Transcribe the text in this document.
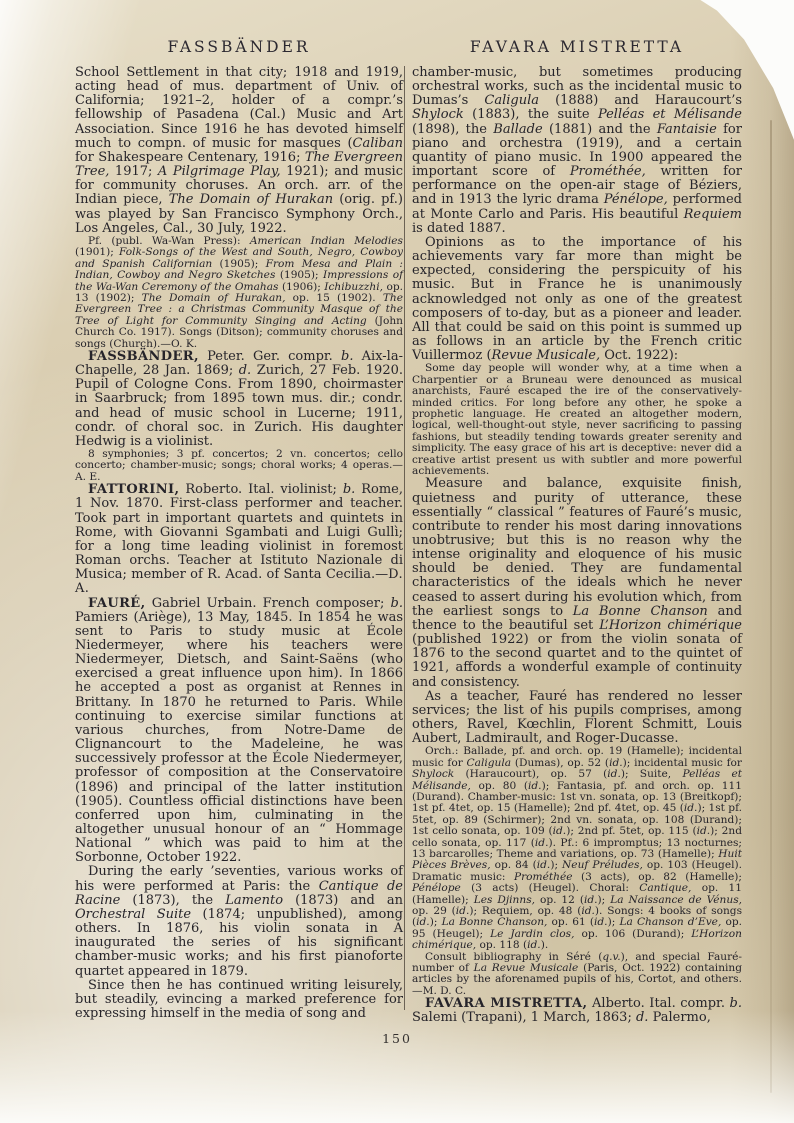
FASSBÄNDER	FAVARA MISTRETTA

School Settlement in that city; 1918 and 1919, acting head of mus. department of Univ. of California; 1921–2, holder of a compr.’s fellowship of Pasadena (Cal.) Music and Art Association. Since 1916 he has devoted himself much to compn. of music for masques (Caliban for Shakespeare Centenary, 1916; The Evergreen Tree, 1917; A Pilgrimage Play, 1921); and music for community choruses. An orch. arr. of the Indian piece, The Domain of Hurakan (orig. pf.) was played by San Francisco Symphony Orch., Los Angeles, Cal., 30 July, 1922.

Pf. (publ. Wa-Wan Press): American Indian Melodies (1901); Folk-Songs of the West and South, Negro, Cowboy and Spanish Californian (1905); From Mesa and Plain : Indian, Cowboy and Negro Sketches (1905); Impressions of the Wa-Wan Ceremony of the Omahas (1906); Ichibuzzhi, op. 13 (1902); The Domain of Hurakan, op. 15 (1902). The Evergreen Tree : a Christmas Community Masque of the Tree of Light for Community Singing and Acting (John Church Co. 1917). Songs (Ditson); community choruses and songs (Church).—O. K.

FASSBÄNDER, Peter. Ger. compr. b. Aix-la-Chapelle, 28 Jan. 1869; d. Zurich, 27 Feb. 1920. Pupil of Cologne Cons. From 1890, choirmaster in Saarbruck; from 1895 town mus. dir.; condr. and head of music school in Lucerne; 1911, condr. of choral soc. in Zurich. His daughter Hedwig is a violinist.

8 symphonies; 3 pf. concertos; 2 vn. concertos; cello concerto; chamber-music; songs; choral works; 4 operas.—A. E.

FATTORINI, Roberto. Ital. violinist; b. Rome, 1 Nov. 1870. First-class performer and teacher. Took part in important quartets and quintets in Rome, with Giovanni Sgambati and Luigi Gullì; for a long time leading violinist in foremost Roman orchs. Teacher at Istituto Nazionale di Musica; member of R. Acad. of Santa Cecilia.—D. A.

FAURÉ, Gabriel Urbain. French composer; b. Pamiers (Ariège), 13 May, 1845. In 1854 he was sent to Paris to study music at École Niedermeyer, where his teachers were Niedermeyer, Dietsch, and Saint-Saëns (who exercised a great influence upon him). In 1866 he accepted a post as organist at Rennes in Brittany. In 1870 he returned to Paris. While continuing to exercise similar functions at various churches, from Notre-Dame de Clignancourt to the Madeleine, he was successively professor at the École Niedermeyer, professor of composition at the Conservatoire (1896) and principal of the latter institution (1905). Countless official distinctions have been conferred upon him, culminating in the altogether unusual honour of an “ Hommage National ” which was paid to him at the Sorbonne, October 1922.

During the early ’seventies, various works of his were performed at Paris: the Cantique de Racine (1873), the Lamento (1873) and an Orchestral Suite (1874; unpublished), among others. In 1876, his violin sonata in A inaugurated the series of his significant chamber-music works; and his first pianoforte quartet appeared in 1879.

Since then he has continued writing leisurely, but steadily, evincing a marked preference for expressing himself in the media of song and

chamber-music, but sometimes producing orchestral works, such as the incidental music to Dumas’s Caligula (1888) and Haraucourt’s Shylock (1883), the suite Pelléas et Mélisande (1898), the Ballade (1881) and the Fantaisie for piano and orchestra (1919), and a certain quantity of piano music. In 1900 appeared the important score of Prométhée, written for performance on the open-air stage of Béziers, and in 1913 the lyric drama Pénélope, performed at Monte Carlo and Paris. His beautiful Requiem is dated 1887.

Opinions as to the importance of his achievements vary far more than might be expected, considering the perspicuity of his music. But in France he is unanimously acknowledged not only as one of the greatest composers of to-day, but as a pioneer and leader. All that could be said on this point is summed up as follows in an article by the French critic Vuillermoz (Revue Musicale, Oct. 1922):

Some day people will wonder why, at a time when a Charpentier or a Bruneau were denounced as musical anarchists, Fauré escaped the ire of the conservatively-minded critics. For long before any other, he spoke a prophetic language. He created an altogether modern, logical, well-thought-out style, never sacrificing to passing fashions, but steadily tending towards greater serenity and simplicity. The easy grace of his art is deceptive: never did a creative artist present us with subtler and more powerful achievements.

Measure and balance, exquisite finish, quietness and purity of utterance, these essentially “ classical ” features of Fauré’s music, contribute to render his most daring innovations unobtrusive; but this is no reason why the intense originality and eloquence of his music should be denied. They are fundamental characteristics of the ideals which he never ceased to assert during his evolution which, from the earliest songs to La Bonne Chanson and thence to the beautiful set L’Horizon chimérique (published 1922) or from the violin sonata of 1876 to the second quartet and to the quintet of 1921, affords a wonderful example of continuity and consistency.

As a teacher, Fauré has rendered no lesser services; the list of his pupils comprises, among others, Ravel, Kœchlin, Florent Schmitt, Louis Aubert, Ladmirault, and Roger-Ducasse.

Orch.: Ballade, pf. and orch. op. 19 (Hamelle); incidental music for Caligula (Dumas), op. 52 (id.); incidental music for Shylock (Haraucourt), op. 57 (id.); Suite, Pelléas et Mélisande, op. 80 (id.); Fantasia, pf. and orch. op. 111 (Durand). Chamber-music: 1st vn. sonata, op. 13 (Breitkopf); 1st pf. 4tet, op. 15 (Hamelle); 2nd pf. 4tet, op. 45 (id.); 1st pf. 5tet, op. 89 (Schirmer); 2nd vn. sonata, op. 108 (Durand); 1st cello sonata, op. 109 (id.); 2nd pf. 5tet, op. 115 (id.); 2nd cello sonata, op. 117 (id.). Pf.: 6 impromptus; 13 nocturnes; 13 barcarolles; Theme and variations, op. 73 (Hamelle); Huit Pièces Brèves, op. 84 (id.); Neuf Préludes, op. 103 (Heugel). Dramatic music: Prométhée (3 acts), op. 82 (Hamelle); Pénélope (3 acts) (Heugel). Choral: Cantique, op. 11 (Hamelle); Les Djinns, op. 12 (id.); La Naissance de Vénus, op. 29 (id.); Requiem, op. 48 (id.). Songs: 4 books of songs (id.); La Bonne Chanson, op. 61 (id.); La Chanson d’Eve, op. 95 (Heugel); Le Jardin clos, op. 106 (Durand); L’Horizon chimérique, op. 118 (id.).

Consult bibliography in Séré (q.v.), and special Fauré-number of La Revue Musicale (Paris, Oct. 1922) containing articles by the aforenamed pupils of his, Cortot, and others.—M. D. C.

FAVARA MISTRETTA, Alberto. Ital. compr. b. Salemi (Trapani), 1 March, 1863; d. Palermo,

150
